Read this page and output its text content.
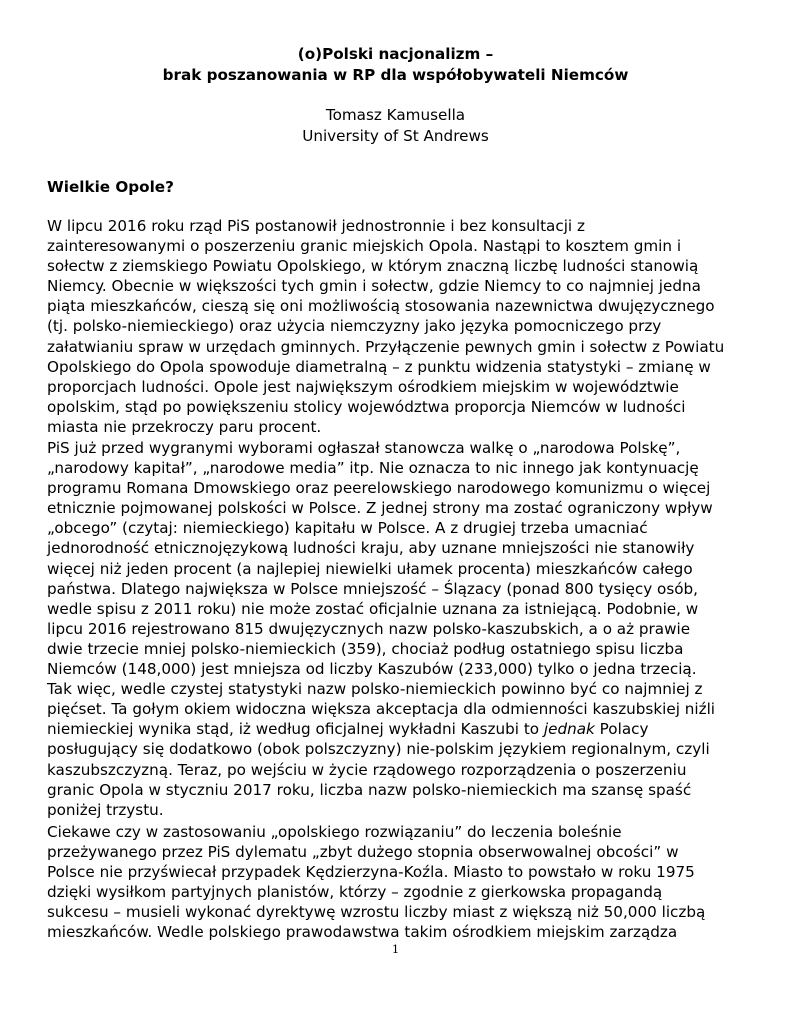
(o)Polski nacjonalizm –
brak poszanowania w RP dla współobywateli Niemców
Tomasz Kamusella
University of St Andrews
Wielkie Opole?

W lipcu 2016 roku rząd PiS postanowił jednostronnie i bez konsultacji z
zainteresowanymi o poszerzeniu granic miejskich Opola. Nastąpi to kosztem gmin i
sołectw z ziemskiego Powiatu Opolskiego, w którym znaczną liczbę ludności stanowią
Niemcy. Obecnie w większości tych gmin i sołectw, gdzie Niemcy to co najmniej jedna
piąta mieszkańców, cieszą się oni możliwością stosowania nazewnictwa dwujęzycznego
(tj. polsko-niemieckiego) oraz użycia niemczyzny jako języka pomocniczego przy
załatwianiu spraw w urzędach gminnych. Przyłączenie pewnych gmin i sołectw z Powiatu
Opolskiego do Opola spowoduje diametralną – z punktu widzenia statystyki – zmianę w
proporcjach ludności. Opole jest największym ośrodkiem miejskim w województwie
opolskim, stąd po powiększeniu stolicy województwa proporcja Niemców w ludności
miasta nie przekroczy paru procent.

PiS już przed wygranymi wyborami ogłaszał stanowcza walkę o „narodowa Polskę”,
„narodowy kapitał”, „narodowe media” itp. Nie oznacza to nic innego jak kontynuację
programu Romana Dmowskiego oraz peerelowskiego narodowego komunizmu o więcej
etnicznie pojmowanej polskości w Polsce. Z jednej strony ma zostać ograniczony wpływ
„obcego” (czytaj: niemieckiego) kapitału w Polsce. A z drugiej trzeba umacniać
jednorodność etnicznojęzykową ludności kraju, aby uznane mniejszości nie stanowiły
więcej niż jeden procent (a najlepiej niewielki ułamek procenta) mieszkańców całego
państwa. Dlatego największa w Polsce mniejszość – Ślązacy (ponad 800 tysięcy osób,
wedle spisu z 2011 roku) nie może zostać oficjalnie uznana za istniejącą. Podobnie, w
lipcu 2016 rejestrowano 815 dwujęzycznych nazw polsko-kaszubskich, a o aż prawie
dwie trzecie mniej polsko-niemieckich (359), chociaż podług ostatniego spisu liczba
Niemców (148,000) jest mniejsza od liczby Kaszubów (233,000) tylko o jedna trzecią.
Tak więc, wedle czystej statystyki nazw polsko-niemieckich powinno być co najmniej z
pięćset. Ta gołym okiem widoczna większa akceptacja dla odmienności kaszubskiej niźli
niemieckiej wynika stąd, iż według oficjalnej wykładni Kaszubi to jednak Polacy
posługujący się dodatkowo (obok polszczyzny) nie-polskim językiem regionalnym, czyli
kaszubszczyzną. Teraz, po wejściu w życie rządowego rozporządzenia o poszerzeniu
granic Opola w styczniu 2017 roku, liczba nazw polsko-niemieckich ma szansę spaść
poniżej trzystu.

Ciekawe czy w zastosowaniu „opolskiego rozwiązaniu” do leczenia boleśnie
przeżywanego przez PiS dylematu „zbyt dużego stopnia obserwowalnej obcości” w
Polsce nie przyświecał przypadek Kędzierzyna-Koźla. Miasto to powstało w roku 1975
dzięki wysiłkom partyjnych planistów, którzy – zgodnie z gierkowska propagandą
sukcesu – musieli wykonać dyrektywę wzrostu liczby miast z większą niż 50,000 liczbą
mieszkańców. Wedle polskiego prawodawstwa takim ośrodkiem miejskim zarządza

1
